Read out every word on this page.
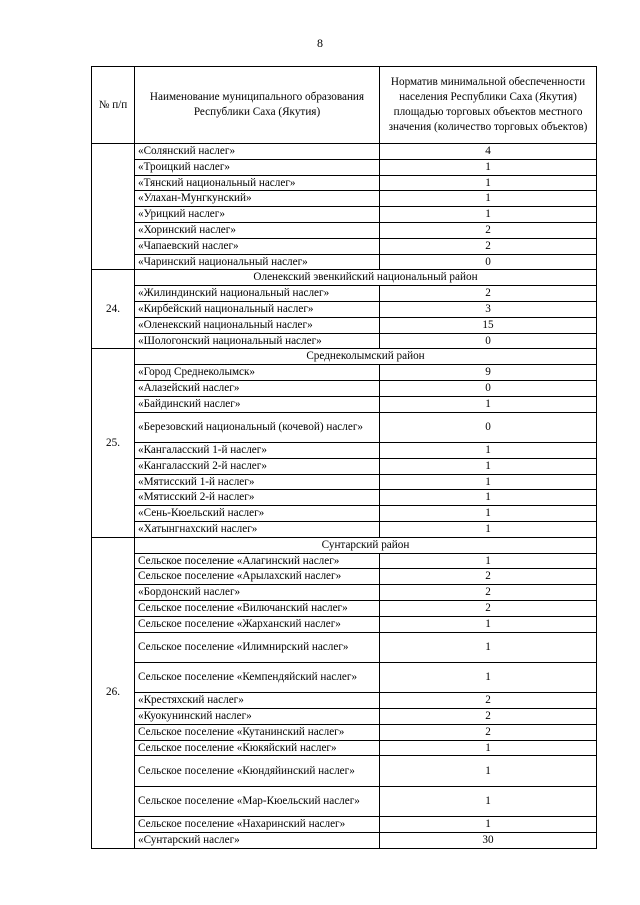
8
№ п/п	Наименование муниципального образования Республики Саха (Якутия)	Норматив минимальной обеспеченности населения Республики Саха (Якутия) площадью торговых объектов местного значения (количество торговых объектов)
	«Солянский наслег»	4
	«Троицкий наслег»	1
	«Тянский национальный наслег»	1
	«Улахан-Мунгкунский»	1
	«Урицкий наслег»	1
	«Хоринский наслег»	2
	«Чапаевский наслег»	2
	«Чаринский национальный наслег»	0
24.	Оленекский эвенкийский национальный район	
	«Жилиндинский национальный наслег»	2
	«Кирбейский национальный наслег»	3
	«Оленекский национальный наслег»	15
	«Шологонский национальный наслег»	0
25.	Среднеколымский район	
	«Город Среднеколымск»	9
	«Алазейский наслег»	0
	«Байдинский наслег»	1
	«Березовский национальный (кочевой) наслег»	0
	«Кангаласский 1-й наслег»	1
	«Кангаласский 2-й наслег»	1
	«Мятисский 1-й наслег»	1
	«Мятисский 2-й наслег»	1
	«Сень-Кюельский наслег»	1
	«Хатынгнахский наслег»	1
26.	Сунтарский район	
	Сельское поселение «Алагинский наслег»	1
	Сельское поселение «Арылахский наслег»	2
	«Бордонский наслег»	2
	Сельское поселение «Вилючанский наслег»	2
	Сельское поселение «Жарханский наслег»	1
	Сельское поселение «Илимнирский наслег»	1
	Сельское поселение «Кемпендяйский наслег»	1
	«Крестяхский наслег»	2
	«Куокунинский наслег»	2
	Сельское поселение «Кутанинский наслег»	2
	Сельское поселение «Кюкяйский наслег»	1
	Сельское поселение «Кюндяйинский наслег»	1
	Сельское поселение «Мар-Кюельский наслег»	1
	Сельское поселение «Нахаринский наслег»	1
	«Сунтарский наслег»	30
